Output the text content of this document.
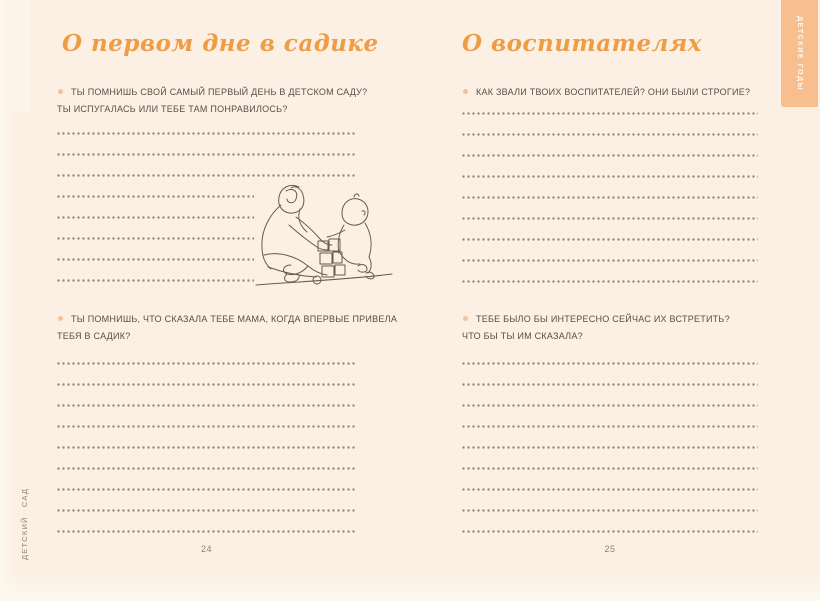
ДЕТСКИЕ ГОДЫ
ДЕТСКИЙ САД
О первом дне в садике
ТЫ ПОМНИШЬ СВОЙ САМЫЙ ПЕРВЫЙ ДЕНЬ В ДЕТСКОМ САДУ?
ТЫ ИСПУГАЛАСЬ ИЛИ ТЕБЕ ТАМ ПОНРАВИЛОСЬ?
ТЫ ПОМНИШЬ, ЧТО СКАЗАЛА ТЕБЕ МАМА, КОГДА ВПЕРВЫЕ ПРИВЕЛА
ТЕБЯ В САДИК?
24
О воспитателях
КАК ЗВАЛИ ТВОИХ ВОСПИТАТЕЛЕЙ? ОНИ БЫЛИ СТРОГИЕ?
ТЕБЕ БЫЛО БЫ ИНТЕРЕСНО СЕЙЧАС ИХ ВСТРЕТИТЬ?
ЧТО БЫ ТЫ ИМ СКАЗАЛА?
25
